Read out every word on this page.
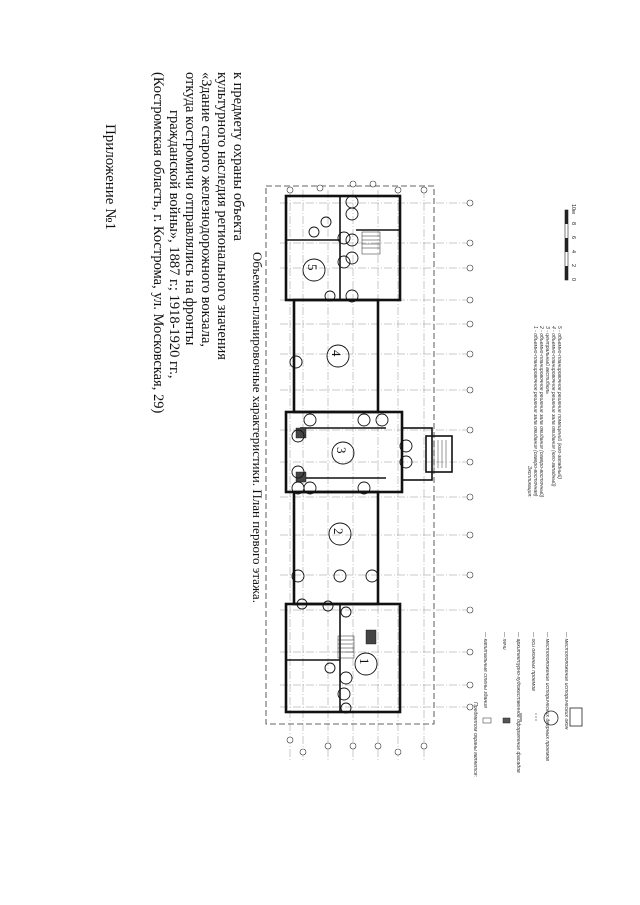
Приложение №1	к предмету охраны объекта
культурного наследия регионального значения
«Здание старого железнодорожного вокзала,
откуда костромичи отправлялись на фронты
гражданской войны», 1887 г.; 1918-1920 гг.,
(Костромская область, г. Кострома, ул. Московская, 29)
Объемно-планировочные характеристики. План первого этажа.	5
4
3
2
1
Предметом охраны является:
— капитальные стены здания	— печи — архитектурно-художественное оформление фасадов — оси оконных проемов — местоположение исторических дверных проемов	— местоположение исторических окон
Экспликация: 1 - объемно-планировочное решение зала ожидания (северо-восточная) 2 - объемно-планировочное решение зала ожидания (северо-восточный) 3 - центральный вестибюль 4 - объемно-планировочное решение зала ожидания (юго-западный) 5 - объемно-планировочное решение помещений (юго-западный)
0
2
4
6
8
10м
